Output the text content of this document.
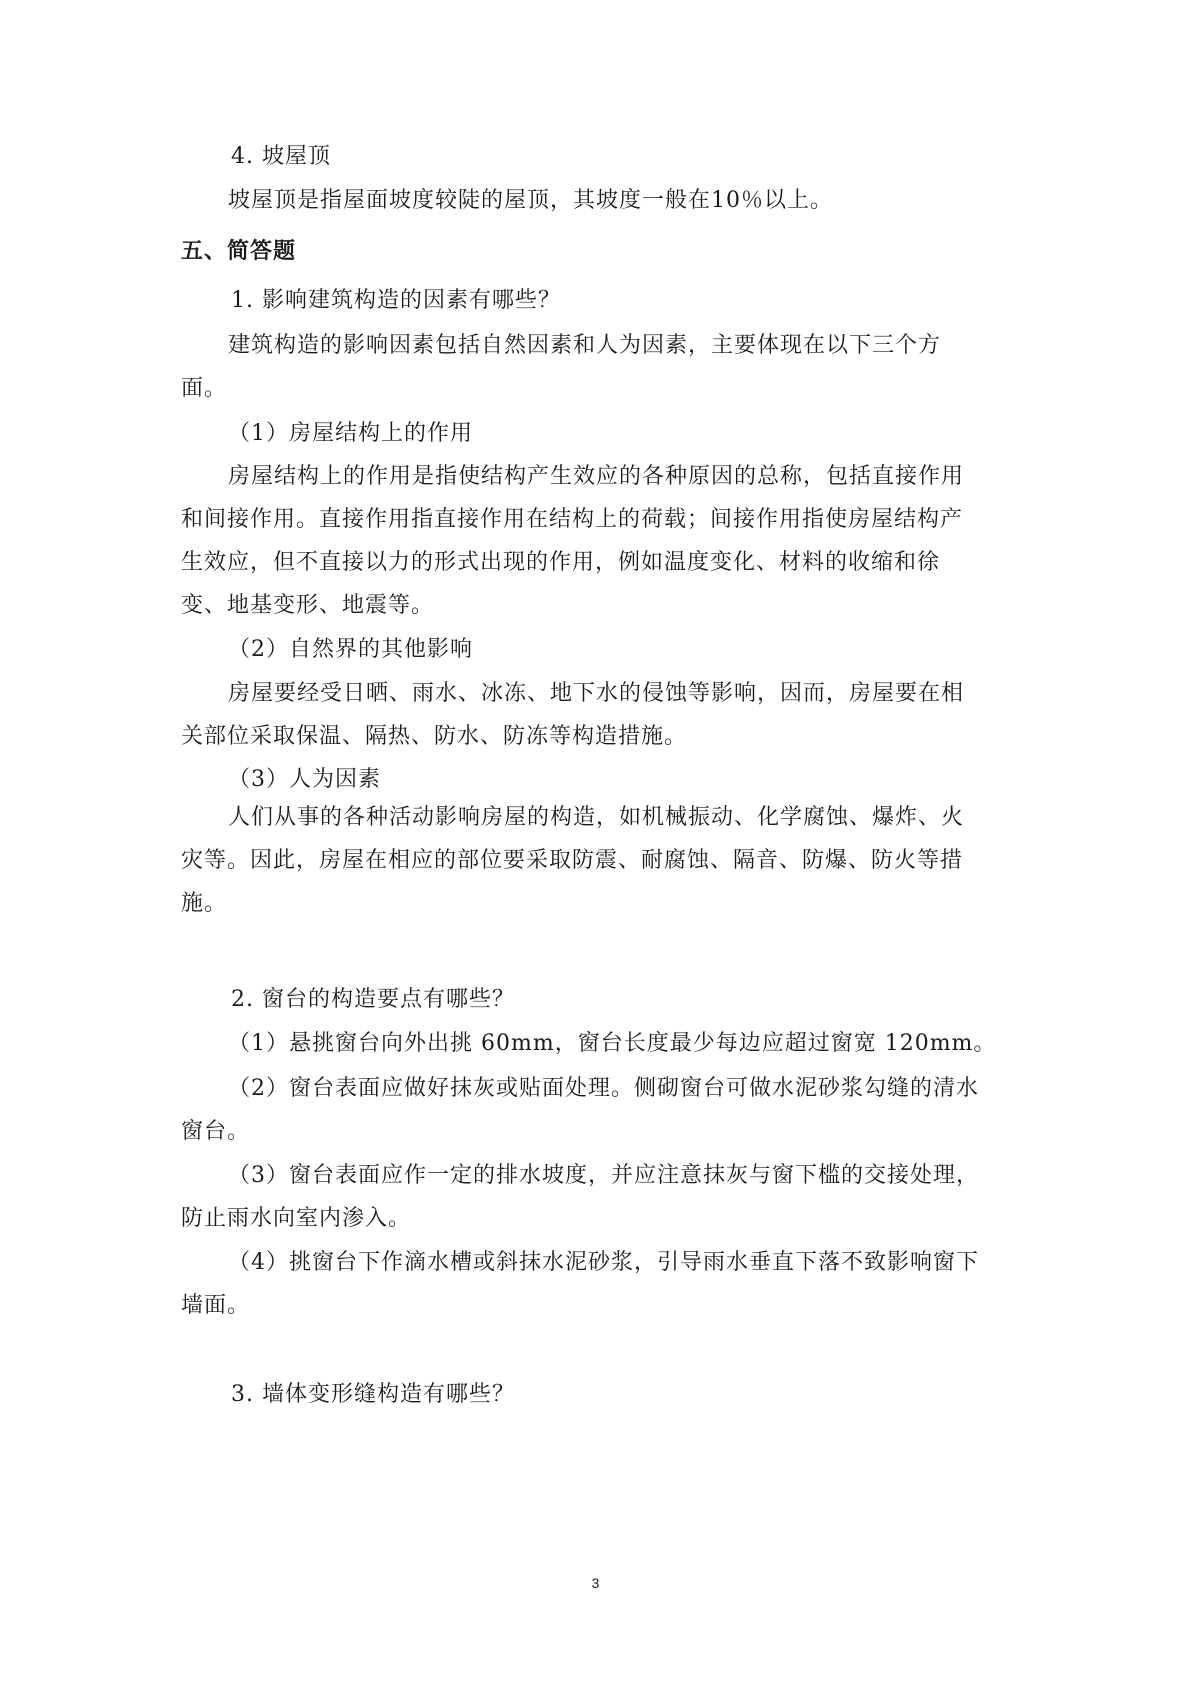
4. 坡屋顶
坡屋顶是指屋面坡度较陡的屋顶，其坡度一般在10％以上。
五、简答题
1. 影响建筑构造的因素有哪些？
建筑构造的影响因素包括自然因素和人为因素，主要体现在以下三个方
面。
（1）房屋结构上的作用
房屋结构上的作用是指使结构产生效应的各种原因的总称，包括直接作用
和间接作用。直接作用指直接作用在结构上的荷载；间接作用指使房屋结构产
生效应，但不直接以力的形式出现的作用，例如温度变化、材料的收缩和徐
变、地基变形、地震等。
（2）自然界的其他影响
房屋要经受日晒、雨水、冰冻、地下水的侵蚀等影响，因而，房屋要在相
关部位采取保温、隔热、防水、防冻等构造措施。
（3）人为因素
人们从事的各种活动影响房屋的构造，如机械振动、化学腐蚀、爆炸、火
灾等。因此，房屋在相应的部位要采取防震、耐腐蚀、隔音、防爆、防火等措
施。
2. 窗台的构造要点有哪些？
（1）悬挑窗台向外出挑 60mm，窗台长度最少每边应超过窗宽 120mm。
（2）窗台表面应做好抹灰或贴面处理。侧砌窗台可做水泥砂浆勾缝的清水
窗台。
（3）窗台表面应作一定的排水坡度，并应注意抹灰与窗下槛的交接处理，
防止雨水向室内渗入。
（4）挑窗台下作滴水槽或斜抹水泥砂浆，引导雨水垂直下落不致影响窗下
墙面。
3. 墙体变形缝构造有哪些？
3
